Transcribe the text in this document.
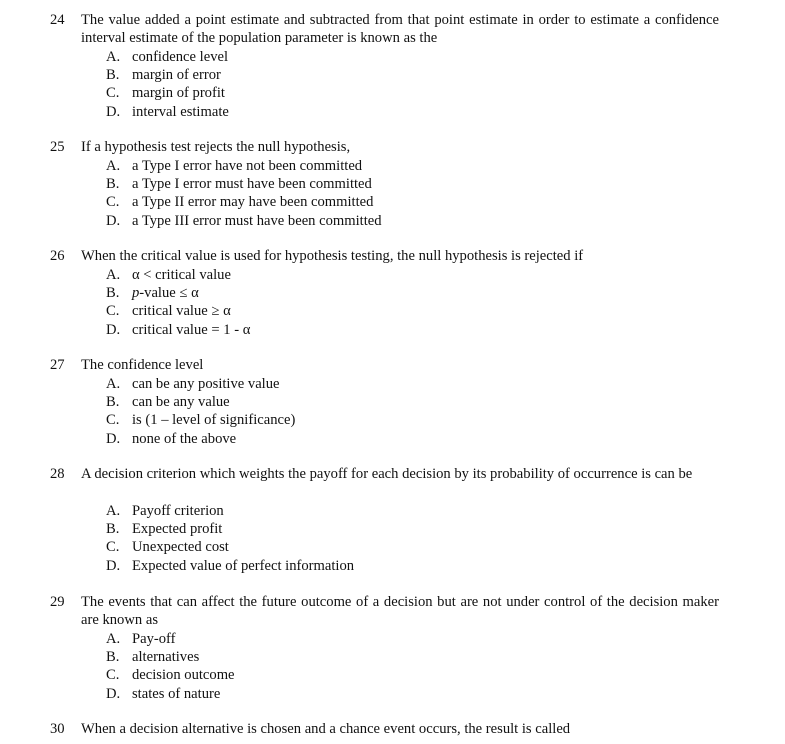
24 The value added a point estimate and subtracted from that point estimate in order to estimate a confidence interval estimate of the population parameter is known as the
A. confidence level
B. margin of error
C. margin of profit
D. interval estimate
25 If a hypothesis test rejects the null hypothesis,
A. a Type I error have not been committed
B. a Type I error must have been committed
C. a Type II error may have been committed
D. a Type III error must have been committed
26 When the critical value is used for hypothesis testing, the null hypothesis is rejected if
A. α < critical value
B. p-value ≤ α
C. critical value ≥ α
D. critical value = 1 - α
27 The confidence level
A. can be any positive value
B. can be any value
C. is (1 – level of significance)
D. none of the above
28 A decision criterion which weights the payoff for each decision by its probability of occurrence is can be
A. Payoff criterion
B. Expected profit
C. Unexpected cost
D. Expected value of perfect information
29 The events that can affect the future outcome of a decision but are not under control of the decision maker are known as
A. Pay-off
B. alternatives
C. decision outcome
D. states of nature
30 When a decision alternative is chosen and a chance event occurs, the result is called
